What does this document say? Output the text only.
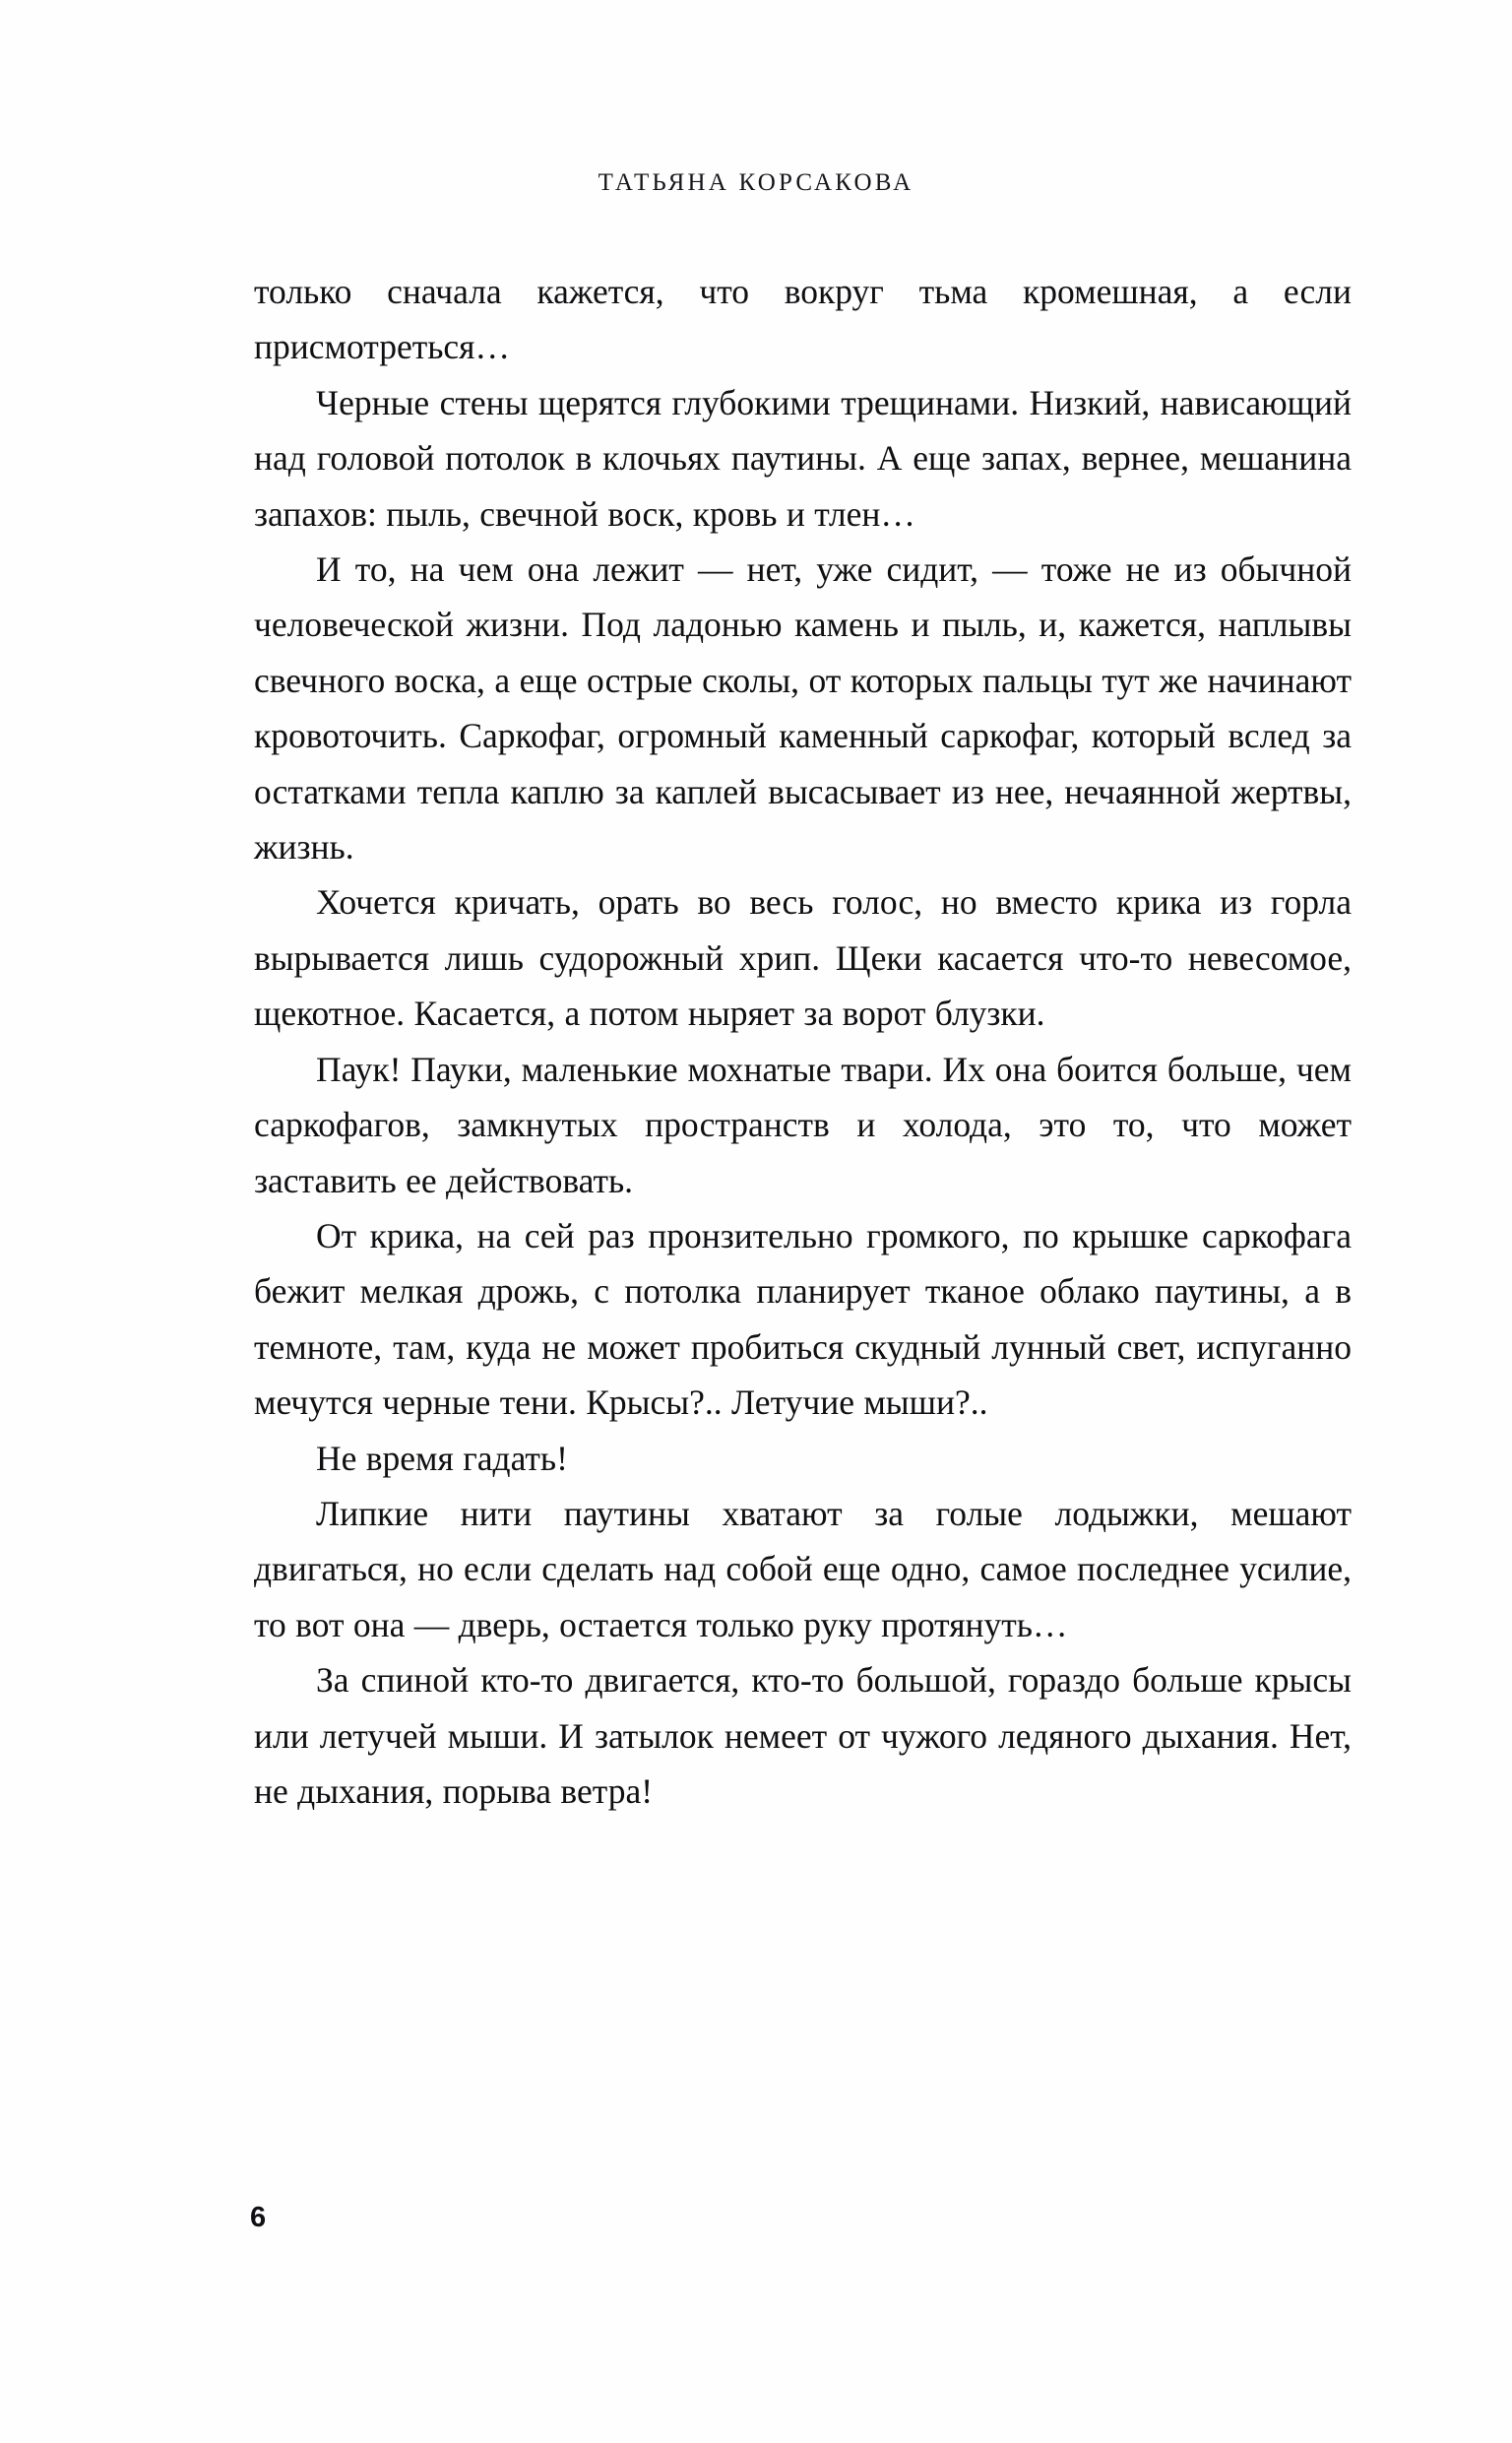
ТАТЬЯНА КОРСАКОВА

только сначала кажется, что вокруг тьма кромешная, а если присмотреться…

Черные стены щерятся глубокими трещинами. Низкий, нависающий над головой потолок в клочьях паутины. А еще запах, вернее, мешанина запахов: пыль, свечной воск, кровь и тлен…

И то, на чем она лежит — нет, уже сидит, — тоже не из обычной человеческой жизни. Под ладонью камень и пыль, и, кажется, наплывы свечного воска, а еще острые сколы, от которых пальцы тут же начинают кровоточить. Саркофаг, огромный каменный саркофаг, который вслед за остатками тепла каплю за каплей высасывает из нее, нечаянной жертвы, жизнь.

Хочется кричать, орать во весь голос, но вместо крика из горла вырывается лишь судорожный хрип. Щеки касается что-то невесомое, щекотное. Касается, а потом ныряет за ворот блузки.

Паук! Пауки, маленькие мохнатые твари. Их она боится больше, чем саркофагов, замкнутых пространств и холода, это то, что может заставить ее действовать.

От крика, на сей раз пронзительно громкого, по крышке саркофага бежит мелкая дрожь, с потолка планирует тканое облако паутины, а в темноте, там, куда не может пробиться скудный лунный свет, испуганно мечутся черные тени. Крысы?.. Летучие мыши?..

Не время гадать!

Липкие нити паутины хватают за голые лодыжки, мешают двигаться, но если сделать над собой еще одно, самое последнее усилие, то вот она — дверь, остается только руку протянуть…

За спиной кто-то двигается, кто-то большой, гораздо больше крысы или летучей мыши. И затылок немеет от чужого ледяного дыхания. Нет, не дыхания, порыва ветра!

6
